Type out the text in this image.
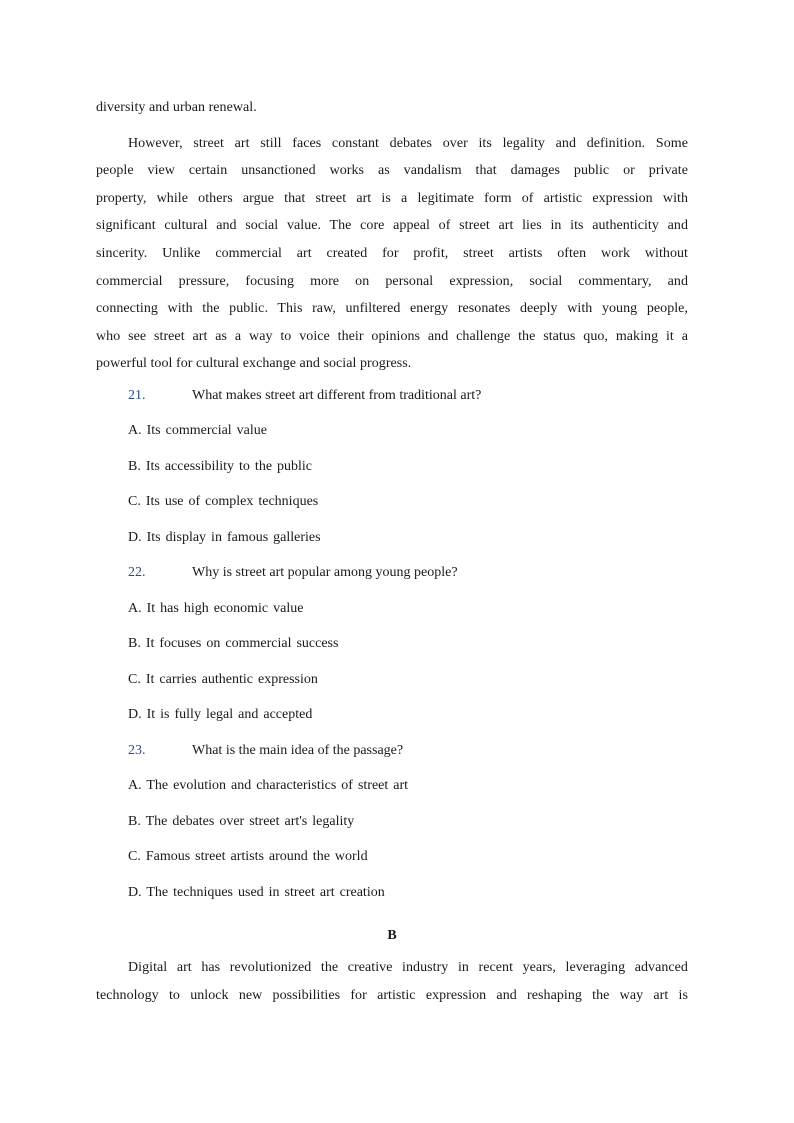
diversity and urban renewal.
However, street art still faces constant debates over its legality and definition. Some
people view certain unsanctioned works as vandalism that damages public or private
property, while others argue that street art is a legitimate form of artistic expression with
significant cultural and social value. The core appeal of street art lies in its authenticity and
sincerity. Unlike commercial art created for profit, street artists often work without
commercial pressure, focusing more on personal expression, social commentary, and
connecting with the public. This raw, unfiltered energy resonates deeply with young people,
who see street art as a way to voice their opinions and challenge the status quo, making it a
powerful tool for cultural exchange and social progress.
21.	What makes street art different from traditional art?
A. Its commercial value
B. Its accessibility to the public
C. Its use of complex techniques
D. Its display in famous galleries
22.	Why is street art popular among young people?
A. It has high economic value
B. It focuses on commercial success
C. It carries authentic expression
D. It is fully legal and accepted
23.	What is the main idea of the passage?
A. The evolution and characteristics of street art
B. The debates over street art's legality
C. Famous street artists around the world
D. The techniques used in street art creation
B
Digital art has revolutionized the creative industry in recent years, leveraging advanced
technology to unlock new possibilities for artistic expression and reshaping the way art is
